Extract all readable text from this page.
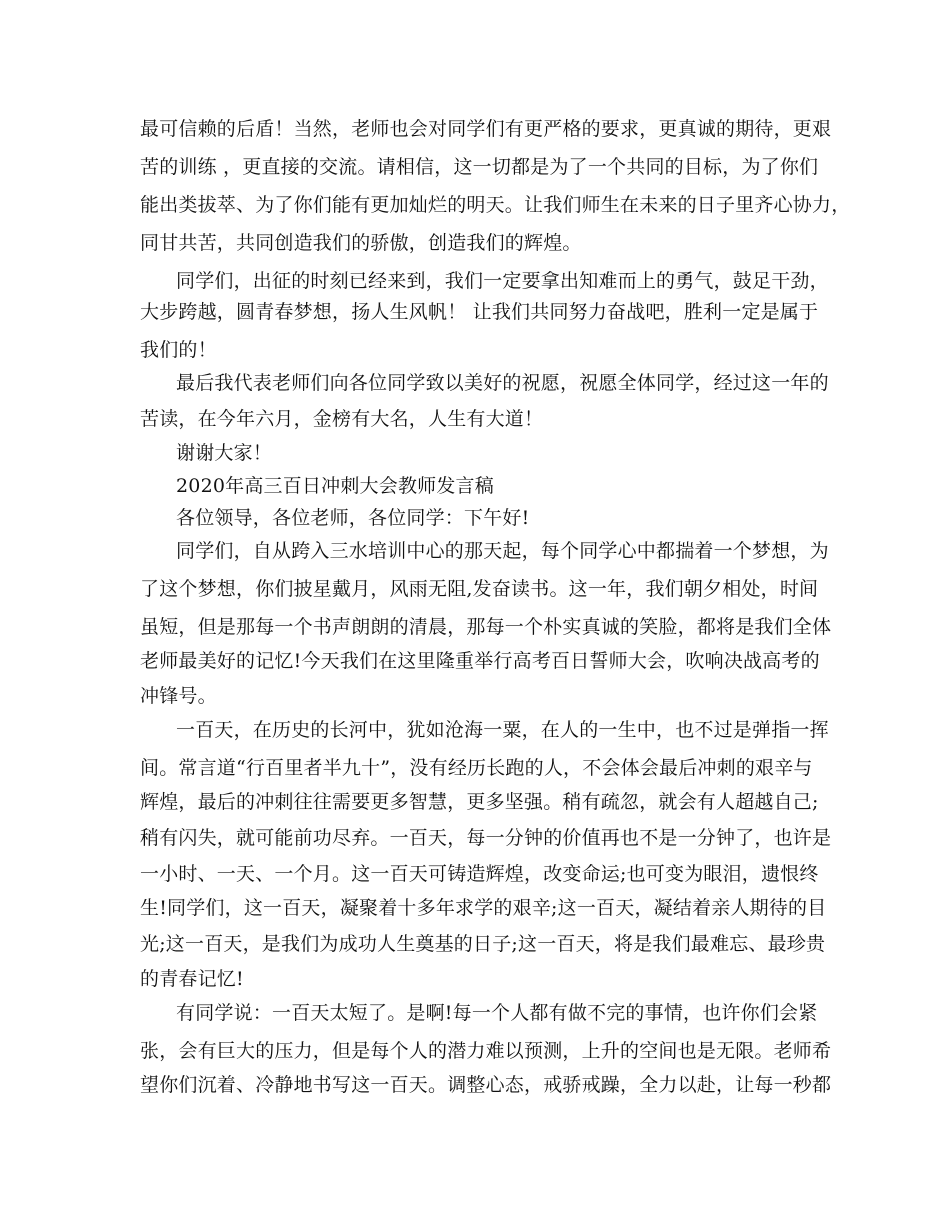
最可信赖的后盾！当然，老师也会对同学们有更严格的要求，更真诚的期待，更艰
苦的训练 ，更直接的交流。请相信，这一切都是为了一个共同的目标，为了你们
能出类拔萃、为了你们能有更加灿烂的明天。让我们师生在未来的日子里齐心协力，
同甘共苦，共同创造我们的骄傲，创造我们的辉煌。
同学们，出征的时刻已经来到，我们一定要拿出知难而上的勇气，鼓足干劲，
大步跨越，圆青春梦想，扬人生风帆！ 让我们共同努力奋战吧，胜利一定是属于
我们的！
最后我代表老师们向各位同学致以美好的祝愿，祝愿全体同学，经过这一年的
苦读，在今年六月，金榜有大名，人生有大道！
谢谢大家！
2020年高三百日冲刺大会教师发言稿
各位领导，各位老师，各位同学：下午好!
同学们，自从跨入三水培训中心的那天起，每个同学心中都揣着一个梦想，为
了这个梦想，你们披星戴月，风雨无阻,发奋读书。这一年，我们朝夕相处，时间
虽短，但是那每一个书声朗朗的清晨，那每一个朴实真诚的笑脸，都将是我们全体
老师最美好的记忆!今天我们在这里隆重举行高考百日誓师大会，吹响决战高考的
冲锋号。
一百天，在历史的长河中，犹如沧海一粟，在人的一生中，也不过是弹指一挥
间。常言道“行百里者半九十”，没有经历长跑的人，不会体会最后冲刺的艰辛与
辉煌，最后的冲刺往往需要更多智慧，更多坚强。稍有疏忽，就会有人超越自己;
稍有闪失，就可能前功尽弃。一百天，每一分钟的价值再也不是一分钟了，也许是
一小时、一天、一个月。这一百天可铸造辉煌，改变命运;也可变为眼泪，遗恨终
生!同学们，这一百天，凝聚着十多年求学的艰辛;这一百天，凝结着亲人期待的目
光;这一百天，是我们为成功人生奠基的日子;这一百天，将是我们最难忘、最珍贵
的青春记忆!
有同学说：一百天太短了。是啊!每一个人都有做不完的事情，也许你们会紧
张，会有巨大的压力，但是每个人的潜力难以预测，上升的空间也是无限。老师希
望你们沉着、冷静地书写这一百天。调整心态，戒骄戒躁，全力以赴，让每一秒都
